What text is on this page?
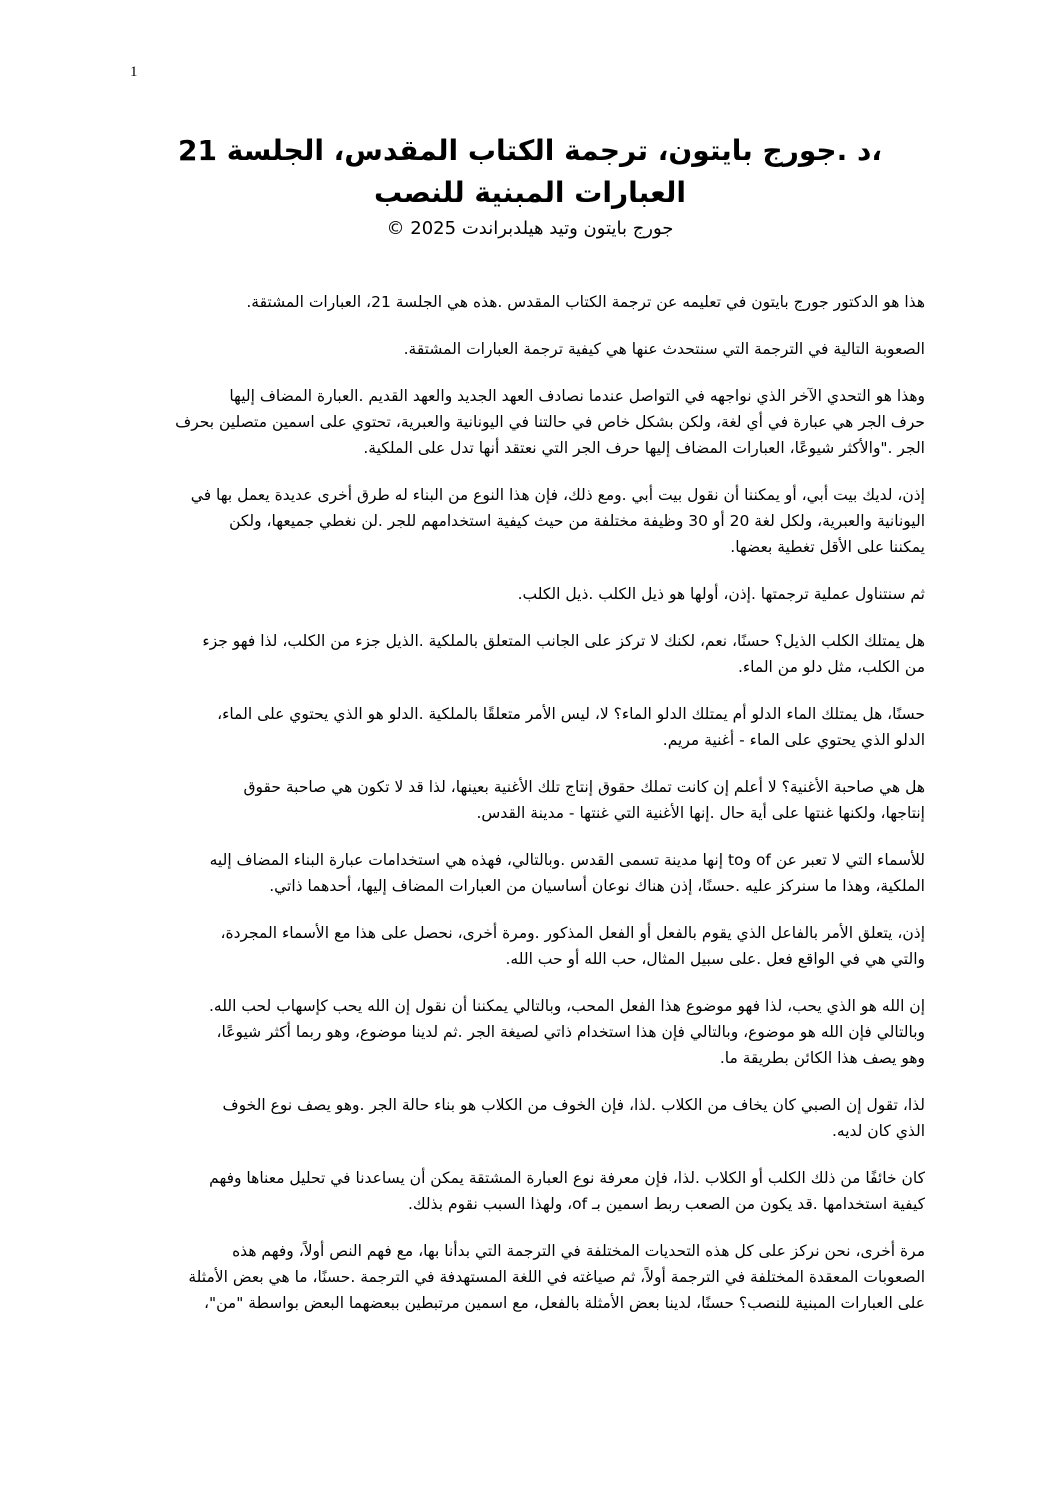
1
،د .جورج بايتون، ترجمة الكتاب المقدس، الجلسة 21
العبارات المبنية للنصب
جورج بايتون وتيد هيلدبراندت 2025 ©

هذا هو الدكتور جورج بايتون في تعليمه عن ترجمة الكتاب المقدس .هذه هي الجلسة 21، العبارات المشتقة.

الصعوبة التالية في الترجمة التي سنتحدث عنها هي كيفية ترجمة العبارات المشتقة.

وهذا هو التحدي الآخر الذي نواجهه في التواصل عندما نصادف العهد الجديد والعهد القديم .العبارة المضاف إليها
حرف الجر هي عبارة في أي لغة، ولكن بشكل خاص في حالتنا في اليونانية والعبرية، تحتوي على اسمين متصلين بحرف
الجر ."والأكثر شيوعًا، العبارات المضاف إليها حرف الجر التي نعتقد أنها تدل على الملكية.

إذن، لديك بيت أبي، أو يمكننا أن نقول بيت أبي .ومع ذلك، فإن هذا النوع من البناء له طرق أخرى عديدة يعمل بها في
اليونانية والعبرية، ولكل لغة 20 أو 30 وظيفة مختلفة من حيث كيفية استخدامهم للجر .لن نغطي جميعها، ولكن
يمكننا على الأقل تغطية بعضها.

ثم سنتناول عملية ترجمتها .إذن، أولها هو ذيل الكلب .ذيل الكلب.

هل يمتلك الكلب الذيل؟ حسنًا، نعم، لكنك لا تركز على الجانب المتعلق بالملكية .الذيل جزء من الكلب، لذا فهو جزء
من الكلب، مثل دلو من الماء.

حسنًا، هل يمتلك الماء الدلو أم يمتلك الدلو الماء؟ لا، ليس الأمر متعلقًا بالملكية .الدلو هو الذي يحتوي على الماء،
الدلو الذي يحتوي على الماء - أغنية مريم.

هل هي صاحبة الأغنية؟ لا أعلم إن كانت تملك حقوق إنتاج تلك الأغنية بعينها، لذا قد لا تكون هي صاحبة حقوق
إنتاجها، ولكنها غنتها على أية حال .إنها الأغنية التي غنتها - مدينة القدس.

للأسماء التي لا تعبر عن of وto إنها مدينة تسمى القدس .وبالتالي، فهذه هي استخدامات عبارة البناء المضاف إليه
الملكية، وهذا ما سنركز عليه .حسنًا، إذن هناك نوعان أساسيان من العبارات المضاف إليها، أحدهما ذاتي.

إذن، يتعلق الأمر بالفاعل الذي يقوم بالفعل أو الفعل المذكور .ومرة أخرى، نحصل على هذا مع الأسماء المجردة،
والتي هي في الواقع فعل .على سبيل المثال، حب الله أو حب الله.

إن الله هو الذي يحب، لذا فهو موضوع هذا الفعل المحب، وبالتالي يمكننا أن نقول إن الله يحب كإسهاب لحب الله.
وبالتالي فإن الله هو موضوع، وبالتالي فإن هذا استخدام ذاتي لصيغة الجر .ثم لدينا موضوع، وهو ربما أكثر شيوعًا،
وهو يصف هذا الكائن بطريقة ما.

لذا، تقول إن الصبي كان يخاف من الكلاب .لذا، فإن الخوف من الكلاب هو بناء حالة الجر .وهو يصف نوع الخوف
الذي كان لديه.

كان خائفًا من ذلك الكلب أو الكلاب .لذا، فإن معرفة نوع العبارة المشتقة يمكن أن يساعدنا في تحليل معناها وفهم
كيفية استخدامها .قد يكون من الصعب ربط اسمين بـ of، ولهذا السبب نقوم بذلك.

مرة أخرى، نحن نركز على كل هذه التحديات المختلفة في الترجمة التي بدأنا بها، مع فهم النص أولاً، وفهم هذه
الصعوبات المعقدة المختلفة في الترجمة أولاً، ثم صياغته في اللغة المستهدفة في الترجمة .حسنًا، ما هي بعض الأمثلة
على العبارات المبنية للنصب؟ حسنًا، لدينا بعض الأمثلة بالفعل، مع اسمين مرتبطين ببعضهما البعض بواسطة "من"،
